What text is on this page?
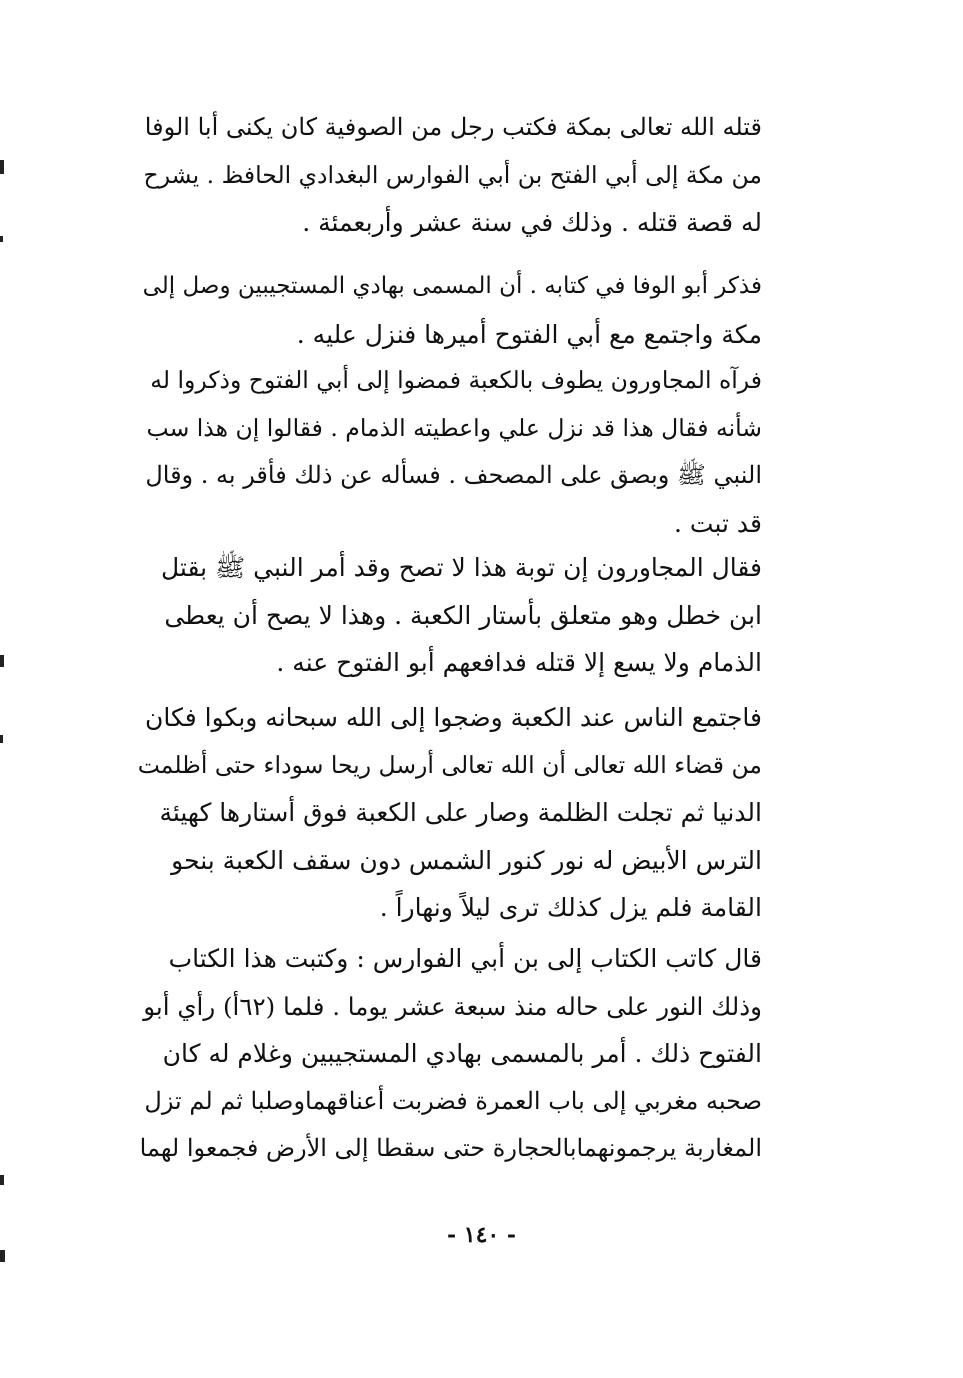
قتله الله تعالى بمكة فكتب رجل من الصوفية كان يكنى أبا الوفا
من مكة إلى أبي الفتح بن أبي الفوارس البغدادي الحافظ . يشرح
له قصة قتله . وذلك في سنة عشر وأربعمئة .
فذكر أبو الوفا في كتابه . أن المسمى بهادي المستجيبين وصل إلى
مكة واجتمع مع أبي الفتوح أميرها فنزل عليه .
فرآه المجاورون يطوف بالكعبة فمضوا إلى أبي الفتوح وذكروا له
شأنه فقال هذا قد نزل علي واعطيته الذمام . فقالوا إن هذا سب
النبي ﷺ وبصق على المصحف . فسأله عن ذلك فأقر به . وقال
قد تبت .
فقال المجاورون إن توبة هذا لا تصح وقد أمر النبي ﷺ بقتل
ابن خطل وهو متعلق بأستار الكعبة . وهذا لا يصح أن يعطى
الذمام ولا يسع إلا قتله فدافعهم أبو الفتوح عنه .
فاجتمع الناس عند الكعبة وضجوا إلى الله سبحانه وبكوا فكان
من قضاء الله تعالى أن الله تعالى أرسل ريحا سوداء حتى أظلمت
الدنيا ثم تجلت الظلمة وصار على الكعبة فوق أستارها كهيئة
الترس الأبيض له نور كنور الشمس دون سقف الكعبة بنحو
القامة فلم يزل كذلك ترى ليلاً ونهاراً .
قال كاتب الكتاب إلى بن أبي الفوارس : وكتبت هذا الكتاب
وذلك النور على حاله منذ سبعة عشر يوما . فلما (٦٢أ) رأي أبو
الفتوح ذلك . أمر بالمسمى بهادي المستجيبين وغلام له كان
صحبه مغربي إلى باب العمرة فضربت أعناقهماوصلبا ثم لم تزل
المغاربة يرجمونهمابالحجارة حتى سقطا إلى الأرض فجمعوا لهما
- ١٤٠ -
